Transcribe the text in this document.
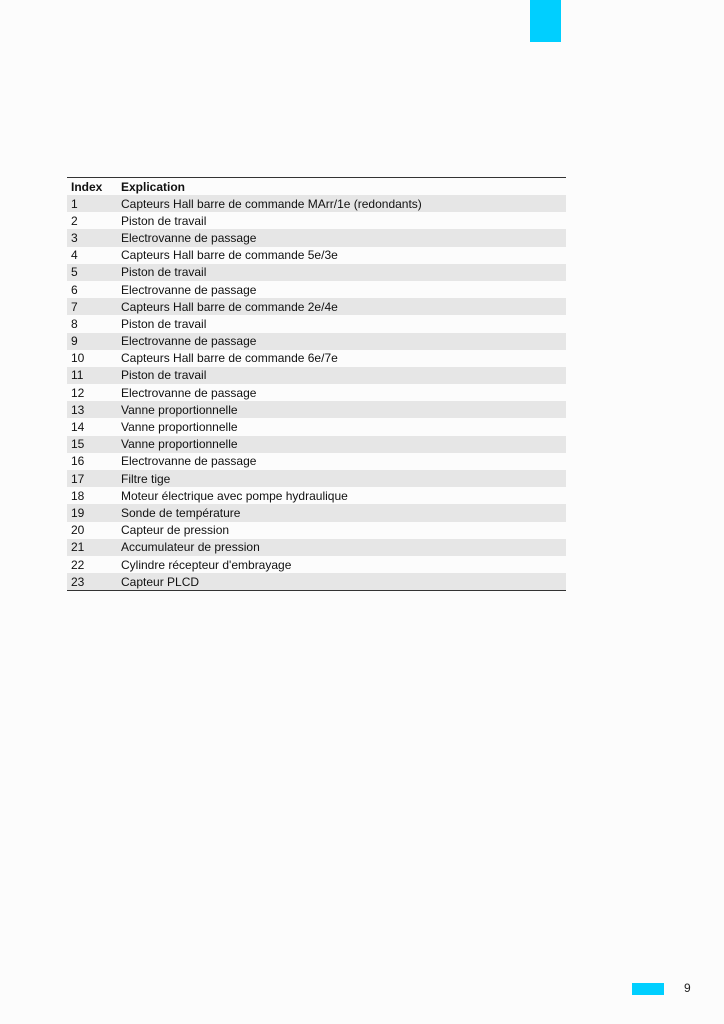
Index	Explication
1	Capteurs Hall barre de commande MArr/1e (redondants)
2	Piston de travail
3	Electrovanne de passage
4	Capteurs Hall barre de commande 5e/3e
5	Piston de travail
6	Electrovanne de passage
7	Capteurs Hall barre de commande 2e/4e
8	Piston de travail
9	Electrovanne de passage
10	Capteurs Hall barre de commande 6e/7e
11	Piston de travail
12	Electrovanne de passage
13	Vanne proportionnelle
14	Vanne proportionnelle
15	Vanne proportionnelle
16	Electrovanne de passage
17	Filtre tige
18	Moteur électrique avec pompe hydraulique
19	Sonde de température
20	Capteur de pression
21	Accumulateur de pression
22	Cylindre récepteur d'embrayage
23	Capteur PLCD
9
